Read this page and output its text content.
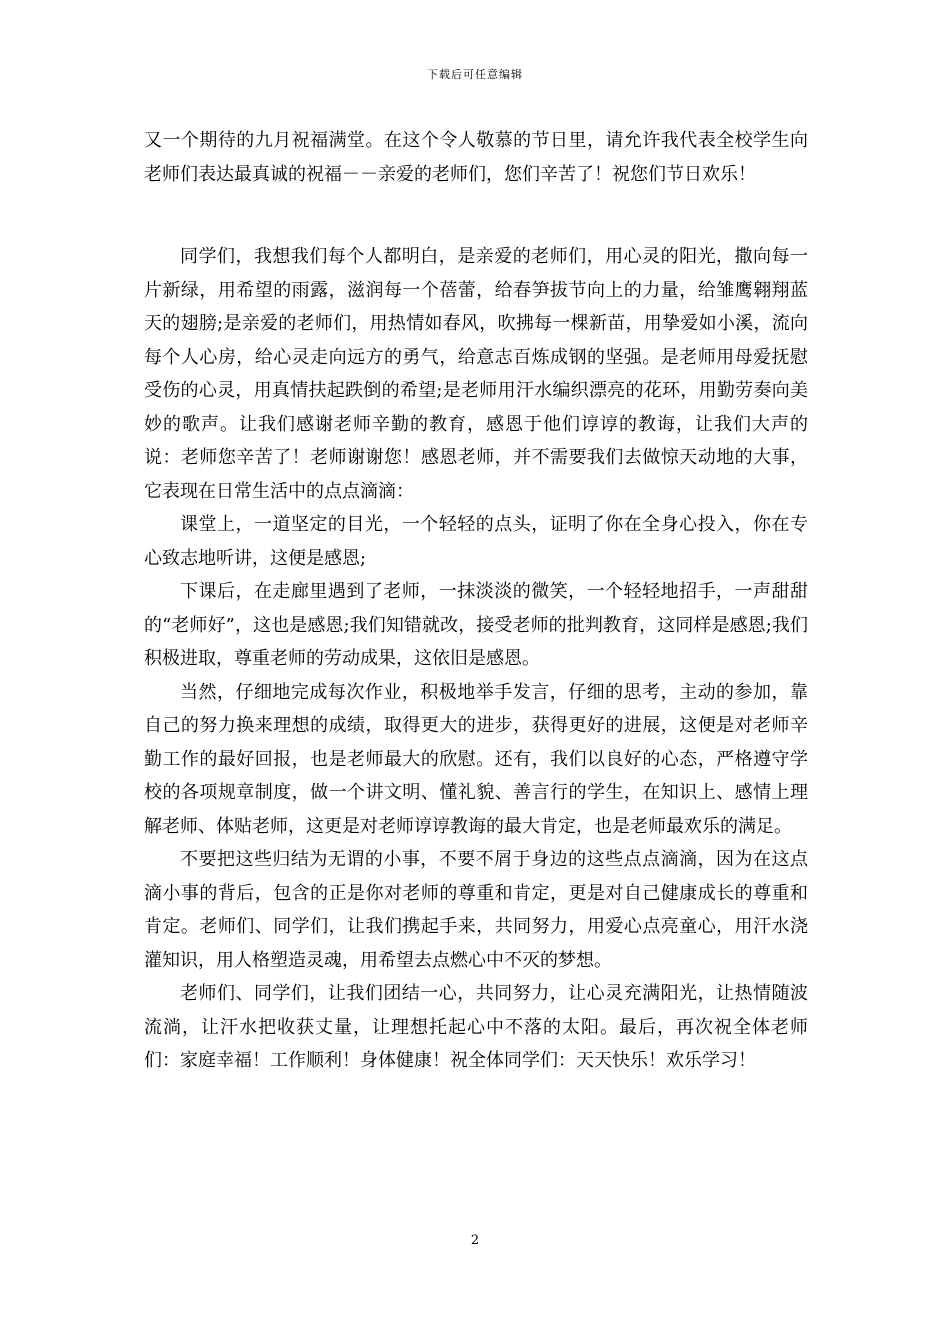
下载后可任意编辑

又一个期待的九月祝福满堂。在这个令人敬慕的节日里，请允许我代表全校学生向老师们表达最真诚的祝福－－亲爱的老师们，您们辛苦了！祝您们节日欢乐！

同学们，我想我们每个人都明白，是亲爱的老师们，用心灵的阳光，撒向每一片新绿，用希望的雨露，滋润每一个蓓蕾，给春笋拔节向上的力量，给雏鹰翱翔蓝天的翅膀;是亲爱的老师们，用热情如春风，吹拂每一棵新苗，用挚爱如小溪，流向每个人心房，给心灵走向远方的勇气，给意志百炼成钢的坚强。是老师用母爱抚慰受伤的心灵，用真情扶起跌倒的希望;是老师用汗水编织漂亮的花环，用勤劳奏向美妙的歌声。让我们感谢老师辛勤的教育，感恩于他们谆谆的教诲，让我们大声的说：老师您辛苦了！老师谢谢您！感恩老师，并不需要我们去做惊天动地的大事，它表现在日常生活中的点点滴滴：

课堂上，一道坚定的目光，一个轻轻的点头，证明了你在全身心投入，你在专心致志地听讲，这便是感恩;

下课后，在走廊里遇到了老师，一抹淡淡的微笑，一个轻轻地招手，一声甜甜的“老师好”，这也是感恩;我们知错就改，接受老师的批判教育，这同样是感恩;我们积极进取，尊重老师的劳动成果，这依旧是感恩。

当然，仔细地完成每次作业，积极地举手发言，仔细的思考，主动的参加，靠自己的努力换来理想的成绩，取得更大的进步，获得更好的进展，这便是对老师辛勤工作的最好回报，也是老师最大的欣慰。还有，我们以良好的心态，严格遵守学校的各项规章制度，做一个讲文明、懂礼貌、善言行的学生，在知识上、感情上理解老师、体贴老师，这更是对老师谆谆教诲的最大肯定，也是老师最欢乐的满足。

不要把这些归结为无谓的小事，不要不屑于身边的这些点点滴滴，因为在这点滴小事的背后，包含的正是你对老师的尊重和肯定，更是对自己健康成长的尊重和肯定。老师们、同学们，让我们携起手来，共同努力，用爱心点亮童心，用汗水浇灌知识，用人格塑造灵魂，用希望去点燃心中不灭的梦想。

老师们、同学们，让我们团结一心，共同努力，让心灵充满阳光，让热情随波流淌，让汗水把收获丈量，让理想托起心中不落的太阳。最后，再次祝全体老师们：家庭幸福！工作顺利！身体健康！祝全体同学们：天天快乐！欢乐学习！

2
